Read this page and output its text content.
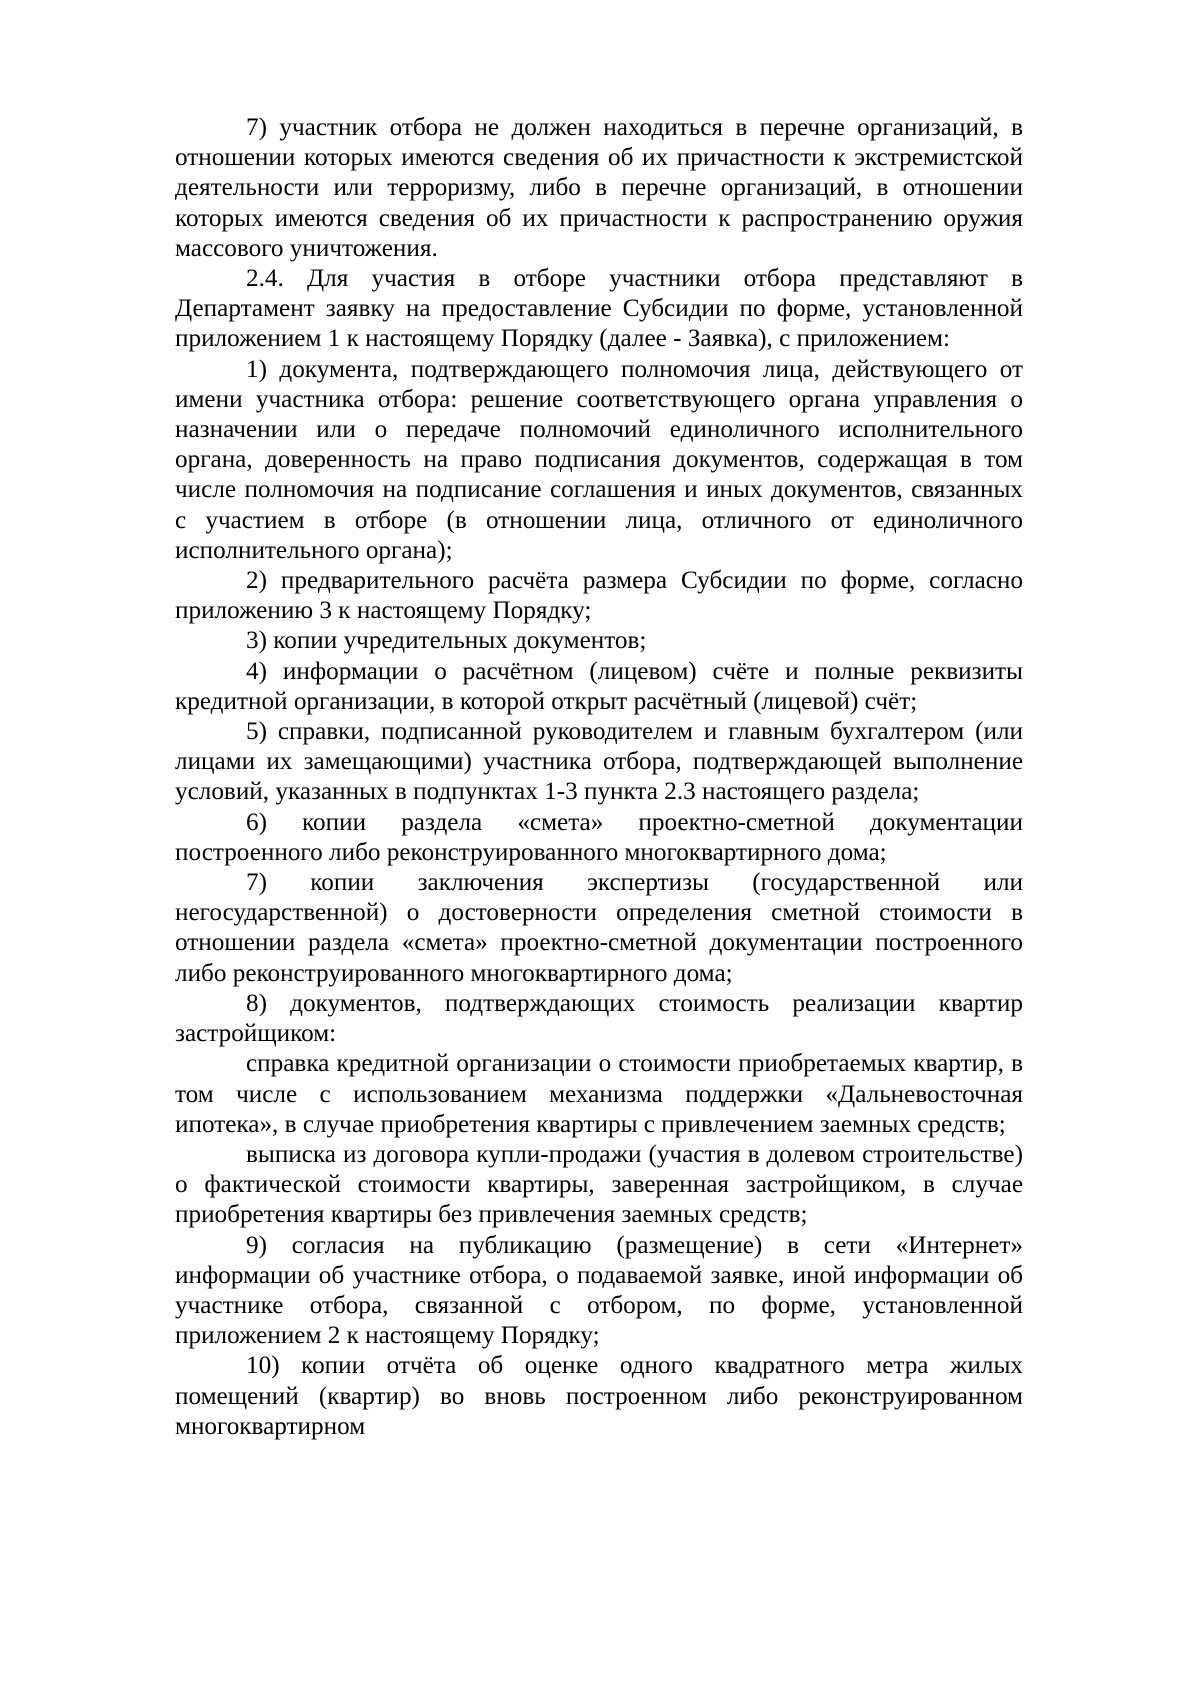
7) участник отбора не должен находиться в перечне организаций, в отношении которых имеются сведения об их причастности к экстремистской деятельности или терроризму, либо в перечне организаций, в отношении которых имеются сведения об их причастности к распространению оружия массового уничтожения.

2.4. Для участия в отборе участники отбора представляют в Департамент заявку на предоставление Субсидии по форме, установленной приложением 1 к настоящему Порядку (далее - Заявка), с приложением:

1) документа, подтверждающего полномочия лица, действующего от имени участника отбора: решение соответствующего органа управления о назначении или о передаче полномочий единоличного исполнительного органа, доверенность на право подписания документов, содержащая в том числе полномочия на подписание соглашения и иных документов, связанных с участием в отборе (в отношении лица, отличного от единоличного исполнительного органа);

2) предварительного расчёта размера Субсидии по форме, согласно приложению 3 к настоящему Порядку;

3) копии учредительных документов;

4) информации о расчётном (лицевом) счёте и полные реквизиты кредитной организации, в которой открыт расчётный (лицевой) счёт;

5) справки, подписанной руководителем и главным бухгалтером (или лицами их замещающими) участника отбора, подтверждающей выполнение условий, указанных в подпунктах 1-3 пункта 2.3 настоящего раздела;

6) копии раздела «смета» проектно-сметной документации построенного либо реконструированного многоквартирного дома;

7) копии заключения экспертизы (государственной или негосударственной) о достоверности определения сметной стоимости в отношении раздела «смета» проектно-сметной документации построенного либо реконструированного многоквартирного дома;

8) документов, подтверждающих стоимость реализации квартир застройщиком:

справка кредитной организации о стоимости приобретаемых квартир, в том числе с использованием механизма поддержки «Дальневосточная ипотека», в случае приобретения квартиры с привлечением заемных средств;

выписка из договора купли-продажи (участия в долевом строительстве) о фактической стоимости квартиры, заверенная застройщиком, в случае приобретения квартиры без привлечения заемных средств;

9) согласия на публикацию (размещение) в сети «Интернет» информации об участнике отбора, о подаваемой заявке, иной информации об участнике отбора, связанной с отбором, по форме, установленной приложением 2 к настоящему Порядку;

10) копии отчёта об оценке одного квадратного метра жилых помещений (квартир) во вновь построенном либо реконструированном многоквартирном
